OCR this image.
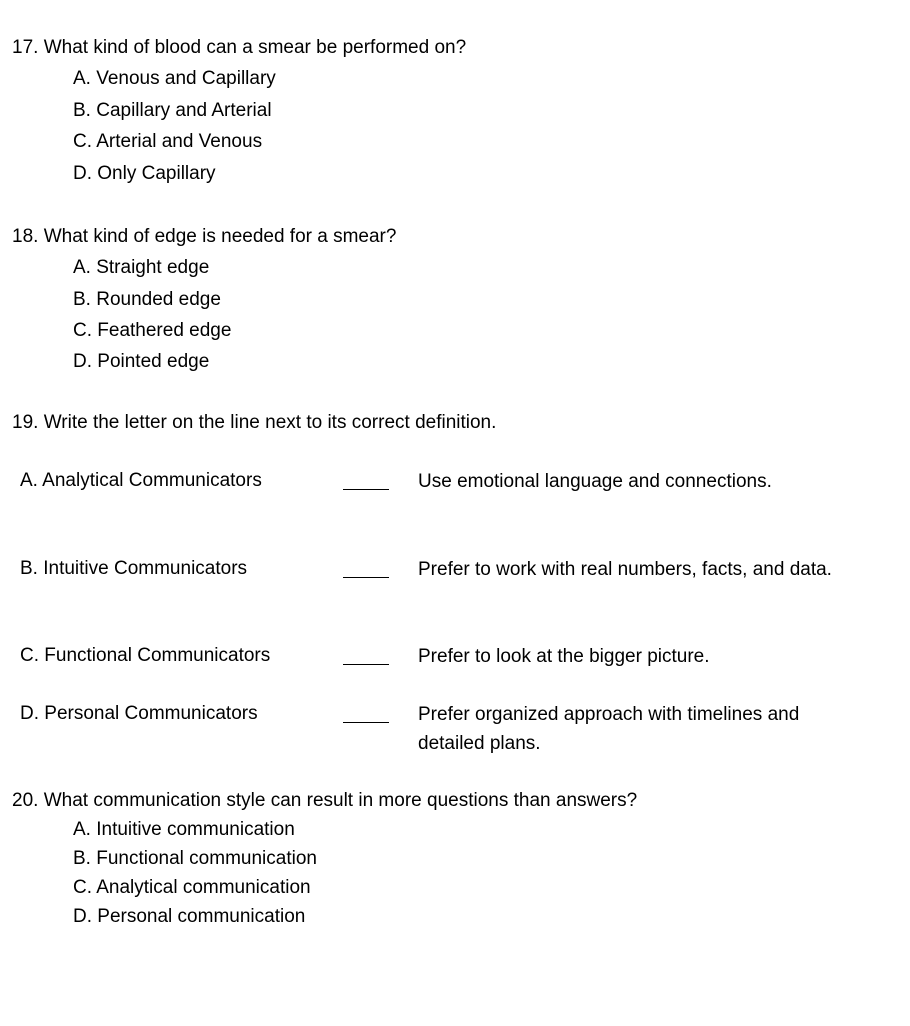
17. What kind of blood can a smear be performed on?
A. Venous and Capillary
B. Capillary and Arterial
C. Arterial and Venous
D. Only Capillary
18. What kind of edge is needed for a smear?
A. Straight edge
B. Rounded edge
C. Feathered edge
D. Pointed edge
19. Write the letter on the line next to its correct definition.
A. Analytical Communicators	Use emotional language and connections.
B. Intuitive Communicators	Prefer to work with real numbers, facts, and data.
C. Functional Communicators	Prefer to look at the bigger picture.
D. Personal Communicators	Prefer organized approach with timelines and detailed plans.
20. What communication style can result in more questions than answers?
A. Intuitive communication
B. Functional communication
C. Analytical communication
D. Personal communication
